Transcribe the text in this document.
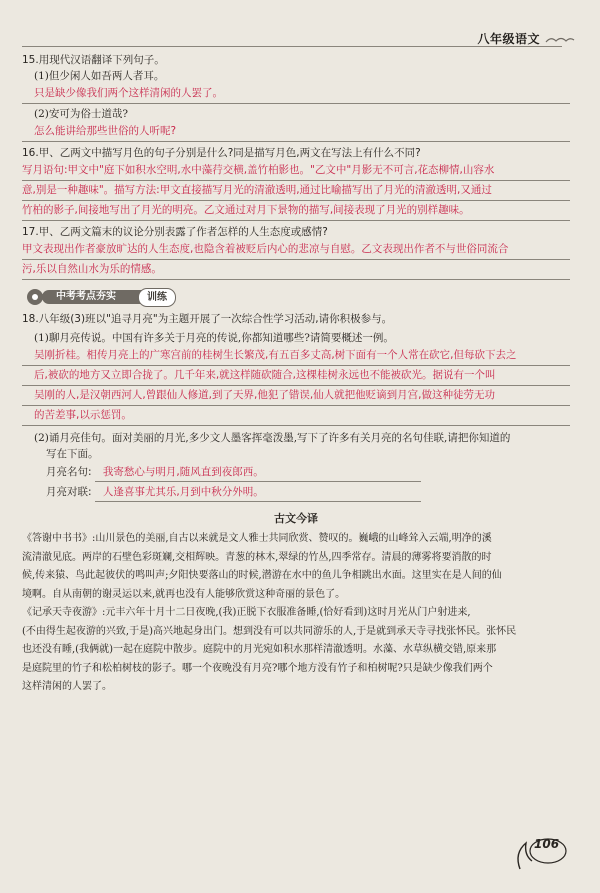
八年级语文

15.用现代汉语翻译下列句子。

(1)但少闲人如吾两人者耳。

只是缺少像我们两个这样清闲的人罢了。

(2)安可为俗士道哉?

怎么能讲给那些世俗的人听呢?

16.甲、乙两文中描写月色的句子分别是什么?同是描写月色,两文在写法上有什么不同?

写月语句:甲文中"庭下如积水空明,水中藻荇交横,盖竹柏影也。"乙文中"月影无不可言,花态柳情,山容水

意,别是一种趣味"。描写方法:甲文直接描写月光的清澈透明,通过比喻描写出了月光的清澈透明,又通过

竹柏的影子,间接地写出了月光的明亮。乙文通过对月下景物的描写,间接表现了月光的别样趣味。

17.甲、乙两文篇末的议论分别表露了作者怎样的人生态度或感情?

甲文表现出作者豪放旷达的人生态度,也隐含着被贬后内心的悲凉与自慰。乙文表现出作者不与世俗同流合

污,乐以自然山水为乐的情感。

中考考点夯实	训练

18.八年级(3)班以"追寻月亮"为主题开展了一次综合性学习活动,请你积极参与。

(1)聊月亮传说。中国有许多关于月亮的传说,你都知道哪些?请简要概述一例。

吴刚折桂。相传月亮上的广寒宫前的桂树生长繁茂,有五百多丈高,树下面有一个人常在砍它,但每砍下去之

后,被砍的地方又立即合拢了。几千年来,就这样随砍随合,这棵桂树永远也不能被砍光。据说有一个叫

吴刚的人,是汉朝西河人,曾跟仙人修道,到了天界,他犯了错误,仙人就把他贬谪到月宫,做这种徒劳无功

的苦差事,以示惩罚。

(2)诵月亮佳句。面对美丽的月光,多少文人墨客挥毫泼墨,写下了许多有关月亮的名句佳联,请把你知道的

写在下面。

月亮名句: 我寄愁心与明月,随风直到夜郎西。

月亮对联: 人逢喜事尤其乐,月到中秋分外明。

古文今译

《答谢中书书》:山川景色的美丽,自古以来就是文人雅士共同欣赏、赞叹的。巍峨的山峰耸入云端,明净的溪

流清澈见底。两岸的石壁色彩斑斓,交相辉映。青葱的林木,翠绿的竹丛,四季常存。清晨的薄雾将要消散的时

候,传来猿、鸟此起彼伏的鸣叫声;夕阳快要落山的时候,潜游在水中的鱼儿争相跳出水面。这里实在是人间的仙

境啊。自从南朝的谢灵运以来,就再也没有人能够欣赏这种奇丽的景色了。

《记承天寺夜游》:元丰六年十月十二日夜晚,(我)正脱下衣服准备睡,(恰好看到)这时月光从门户射进来,

(不由得生起夜游的兴致,于是)高兴地起身出门。想到没有可以共同游乐的人,于是就到承天寺寻找张怀民。张怀民

也还没有睡,(我俩就)一起在庭院中散步。庭院中的月光宛如积水那样清澈透明。水藻、水草纵横交错,原来那

是庭院里的竹子和松柏树枝的影子。哪一个夜晚没有月亮?哪个地方没有竹子和柏树呢?只是缺少像我们两个

这样清闲的人罢了。

106
